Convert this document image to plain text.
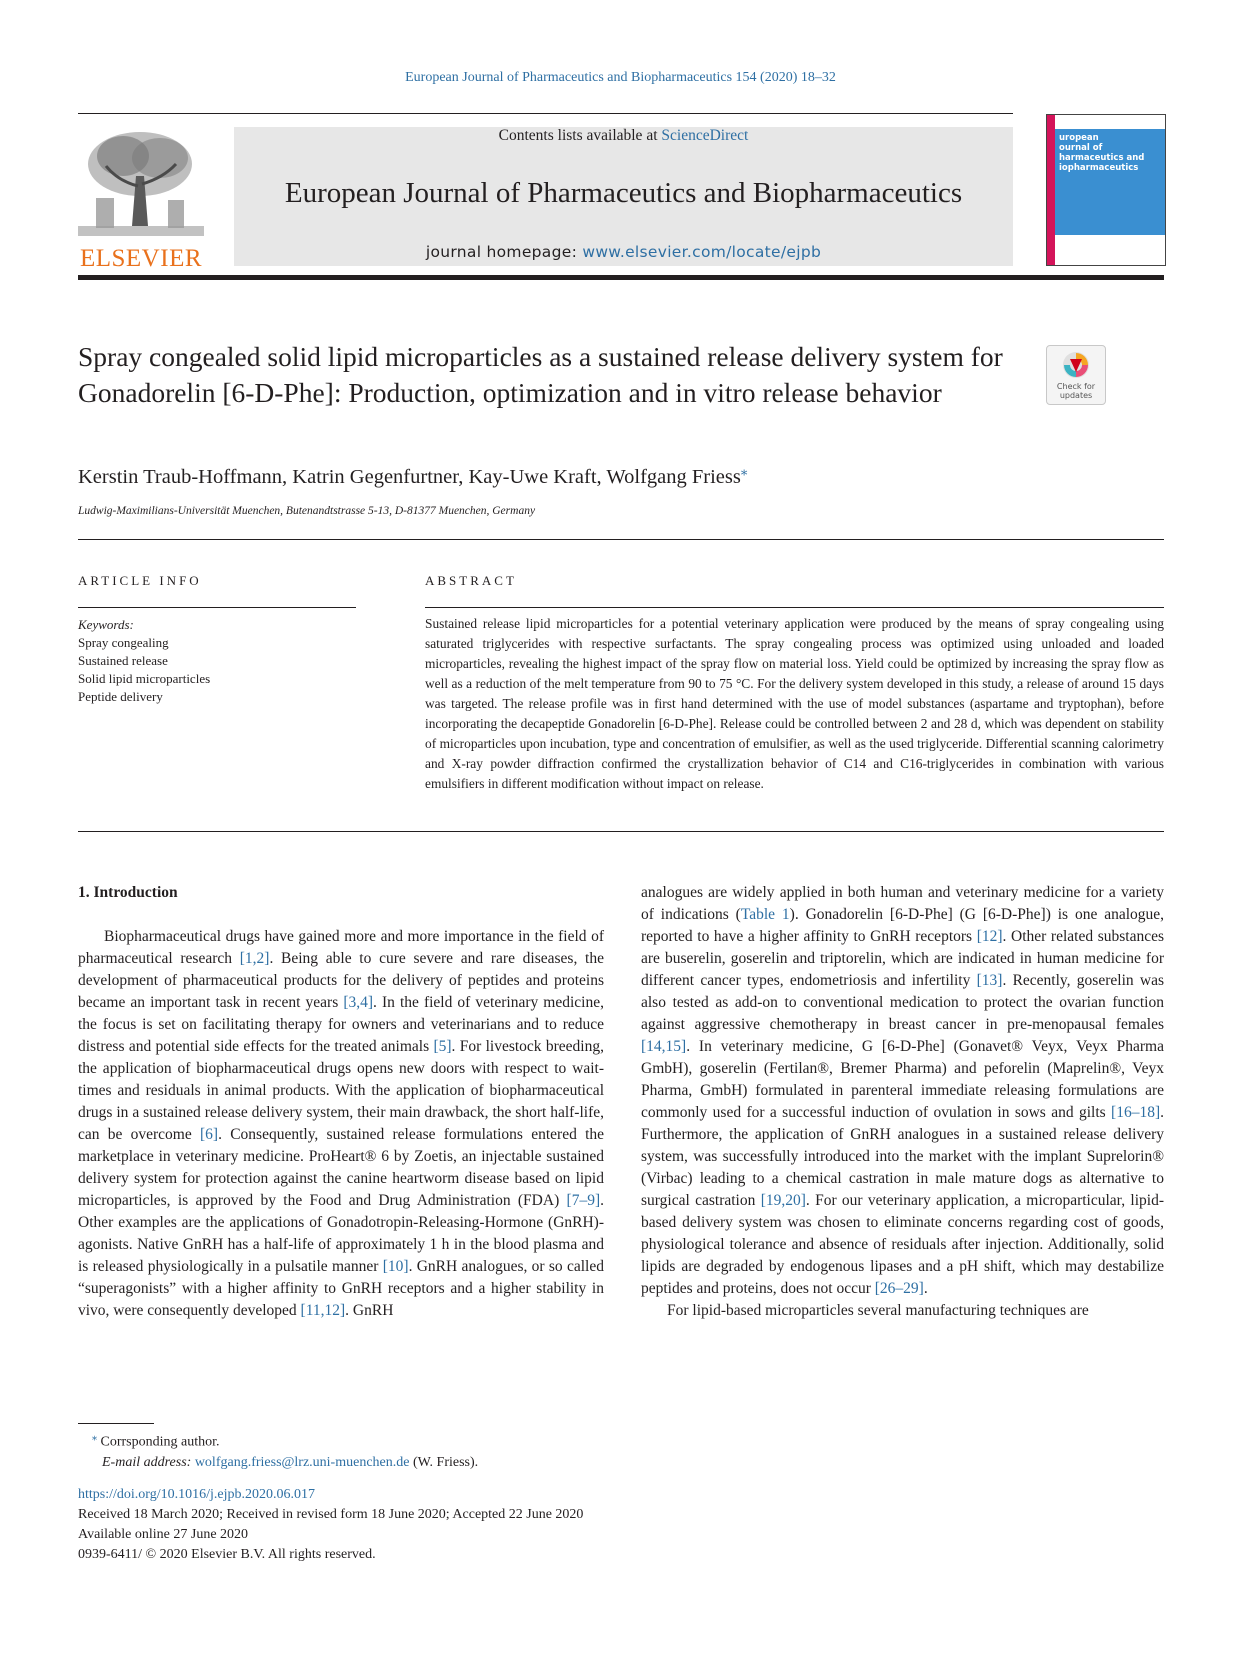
European Journal of Pharmaceutics and Biopharmaceutics 154 (2020) 18–32
ELSEVIER
Contents lists available at ScienceDirect
European Journal of Pharmaceutics and Biopharmaceutics
journal homepage: www.elsevier.com/locate/ejpb
uropean
ournal of
harmaceutics and
iopharmaceutics
Spray congealed solid lipid microparticles as a sustained release delivery system for Gonadorelin [6-D-Phe]: Production, optimization and in vitro release behavior	Check for updates
Kerstin Traub-Hoffmann, Katrin Gegenfurtner, Kay-Uwe Kraft, Wolfgang Friess⁎
Ludwig-Maximilians-Universität Muenchen, Butenandtstrasse 5-13, D-81377 Muenchen, Germany
ARTICLE INFO
Keywords:
Spray congealing
Sustained release
Solid lipid microparticles
Peptide delivery
ABSTRACT
Sustained release lipid microparticles for a potential veterinary application were produced by the means of spray congealing using saturated triglycerides with respective surfactants. The spray congealing process was optimized using unloaded and loaded microparticles, revealing the highest impact of the spray flow on material loss. Yield could be optimized by increasing the spray flow as well as a reduction of the melt temperature from 90 to 75 °C. For the delivery system developed in this study, a release of around 15 days was targeted. The release profile was in first hand determined with the use of model substances (aspartame and tryptophan), before incorporating the decapeptide Gonadorelin [6-D-Phe]. Release could be controlled between 2 and 28 d, which was dependent on stability of microparticles upon incubation, type and concentration of emulsifier, as well as the used triglyceride. Differential scanning calorimetry and X-ray powder diffraction confirmed the crystallization behavior of C14 and C16-triglycerides in combination with various emulsifiers in different modification without impact on release.
1. Introduction

Biopharmaceutical drugs have gained more and more importance in the field of pharmaceutical research [1,2]. Being able to cure severe and rare diseases, the development of pharmaceutical products for the delivery of peptides and proteins became an important task in recent years [3,4]. In the field of veterinary medicine, the focus is set on facilitating therapy for owners and veterinarians and to reduce distress and potential side effects for the treated animals [5]. For livestock breeding, the application of biopharmaceutical drugs opens new doors with respect to wait-times and residuals in animal products. With the application of biopharmaceutical drugs in a sustained release delivery system, their main drawback, the short half-life, can be overcome [6]. Consequently, sustained release formulations entered the marketplace in veterinary medicine. ProHeart® 6 by Zoetis, an injectable sustained delivery system for protection against the canine heartworm disease based on lipid microparticles, is approved by the Food and Drug Administration (FDA) [7–9]. Other examples are the applications of Gonadotropin-Releasing-Hormone (GnRH)-agonists. Native GnRH has a half-life of approximately 1 h in the blood plasma and is released physiologically in a pulsatile manner [10]. GnRH analogues, or so called “superagonists” with a higher affinity to GnRH receptors and a higher stability in vivo, were consequently developed [11,12]. GnRH

analogues are widely applied in both human and veterinary medicine for a variety of indications (Table 1). Gonadorelin [6-D-Phe] (G [6-D-Phe]) is one analogue, reported to have a higher affinity to GnRH receptors [12]. Other related substances are buserelin, goserelin and triptorelin, which are indicated in human medicine for different cancer types, endometriosis and infertility [13]. Recently, goserelin was also tested as add-on to conventional medication to protect the ovarian function against aggressive chemotherapy in breast cancer in pre-menopausal females [14,15]. In veterinary medicine, G [6-D-Phe] (Gonavet® Veyx, Veyx Pharma GmbH), goserelin (Fertilan®, Bremer Pharma) and peforelin (Maprelin®, Veyx Pharma, GmbH) formulated in parenteral immediate releasing formulations are commonly used for a successful induction of ovulation in sows and gilts [16–18]. Furthermore, the application of GnRH analogues in a sustained release delivery system, was successfully introduced into the market with the implant Suprelorin® (Virbac) leading to a chemical castration in male mature dogs as alternative to surgical castration [19,20]. For our veterinary application, a microparticular, lipid-based delivery system was chosen to eliminate concerns regarding cost of goods, physiological tolerance and absence of residuals after injection. Additionally, solid lipids are degraded by endogenous lipases and a pH shift, which may destabilize peptides and proteins, does not occur [26–29].

For lipid-based microparticles several manufacturing techniques are

⁎ Corrsponding author.
E-mail address: wolfgang.friess@lrz.uni-muenchen.de (W. Friess).
https://doi.org/10.1016/j.ejpb.2020.06.017
Received 18 March 2020; Received in revised form 18 June 2020; Accepted 22 June 2020
Available online 27 June 2020
0939-6411/ © 2020 Elsevier B.V. All rights reserved.
